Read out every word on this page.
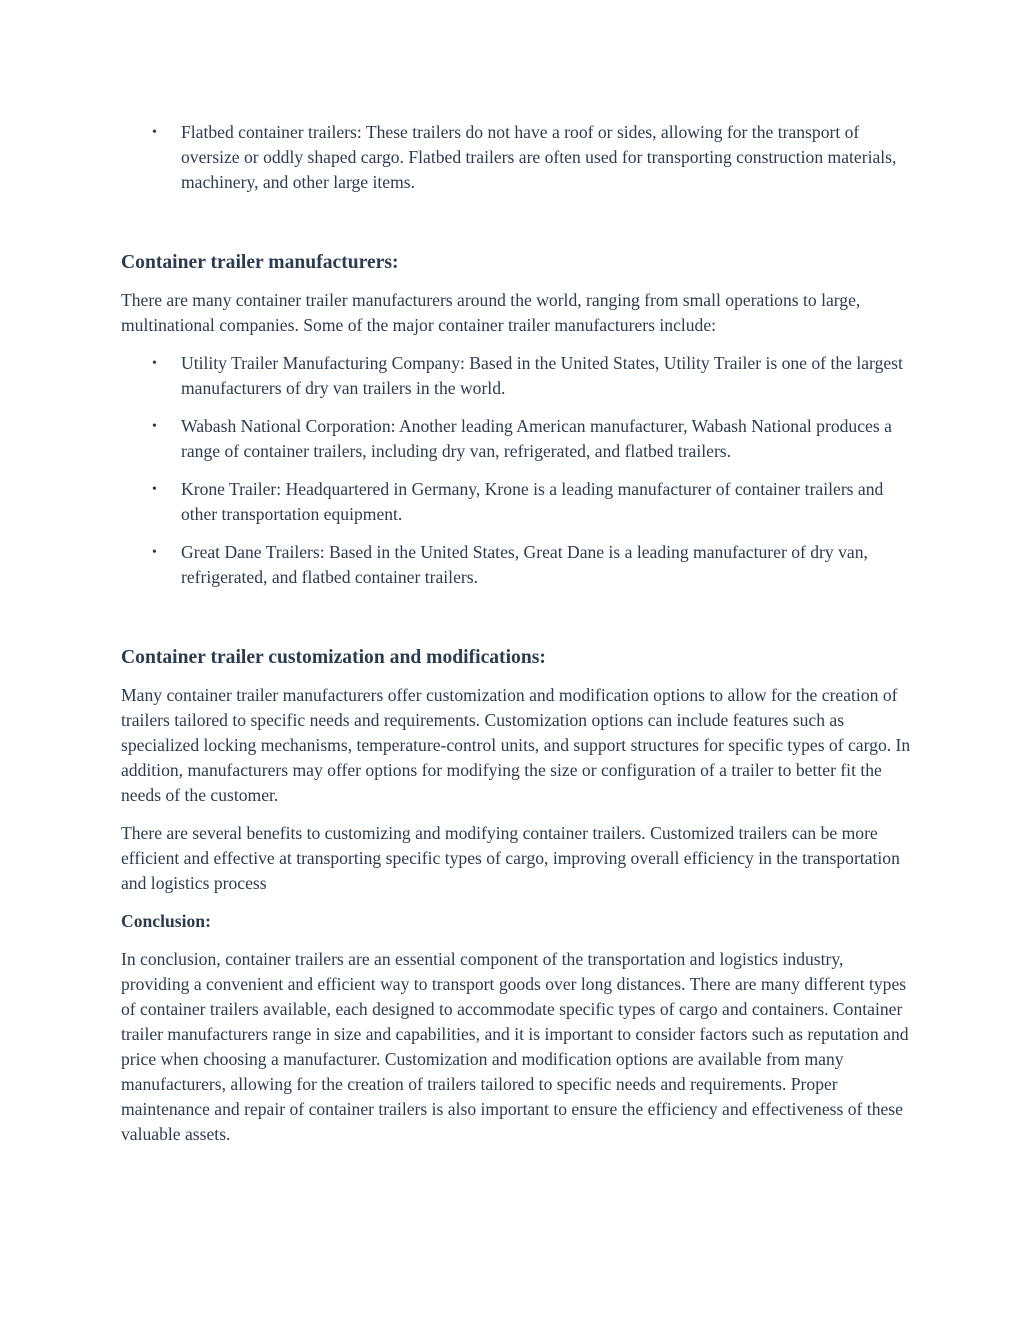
• Flatbed container trailers: These trailers do not have a roof or sides, allowing for the transport of oversize or oddly shaped cargo. Flatbed trailers are often used for transporting construction materials, machinery, and other large items.
Container trailer manufacturers:

There are many container trailer manufacturers around the world, ranging from small operations to large, multinational companies. Some of the major container trailer manufacturers include:

• Utility Trailer Manufacturing Company: Based in the United States, Utility Trailer is one of the largest manufacturers of dry van trailers in the world.
• Wabash National Corporation: Another leading American manufacturer, Wabash National produces a range of container trailers, including dry van, refrigerated, and flatbed trailers.
• Krone Trailer: Headquartered in Germany, Krone is a leading manufacturer of container trailers and other transportation equipment.
• Great Dane Trailers: Based in the United States, Great Dane is a leading manufacturer of dry van, refrigerated, and flatbed container trailers.
Container trailer customization and modifications:

Many container trailer manufacturers offer customization and modification options to allow for the creation of trailers tailored to specific needs and requirements. Customization options can include features such as specialized locking mechanisms, temperature-control units, and support structures for specific types of cargo. In addition, manufacturers may offer options for modifying the size or configuration of a trailer to better fit the needs of the customer.

There are several benefits to customizing and modifying container trailers. Customized trailers can be more efficient and effective at transporting specific types of cargo, improving overall efficiency in the transportation and logistics process

Conclusion:

In conclusion, container trailers are an essential component of the transportation and logistics industry, providing a convenient and efficient way to transport goods over long distances. There are many different types of container trailers available, each designed to accommodate specific types of cargo and containers. Container trailer manufacturers range in size and capabilities, and it is important to consider factors such as reputation and price when choosing a manufacturer. Customization and modification options are available from many manufacturers, allowing for the creation of trailers tailored to specific needs and requirements. Proper maintenance and repair of container trailers is also important to ensure the efficiency and effectiveness of these valuable assets.
